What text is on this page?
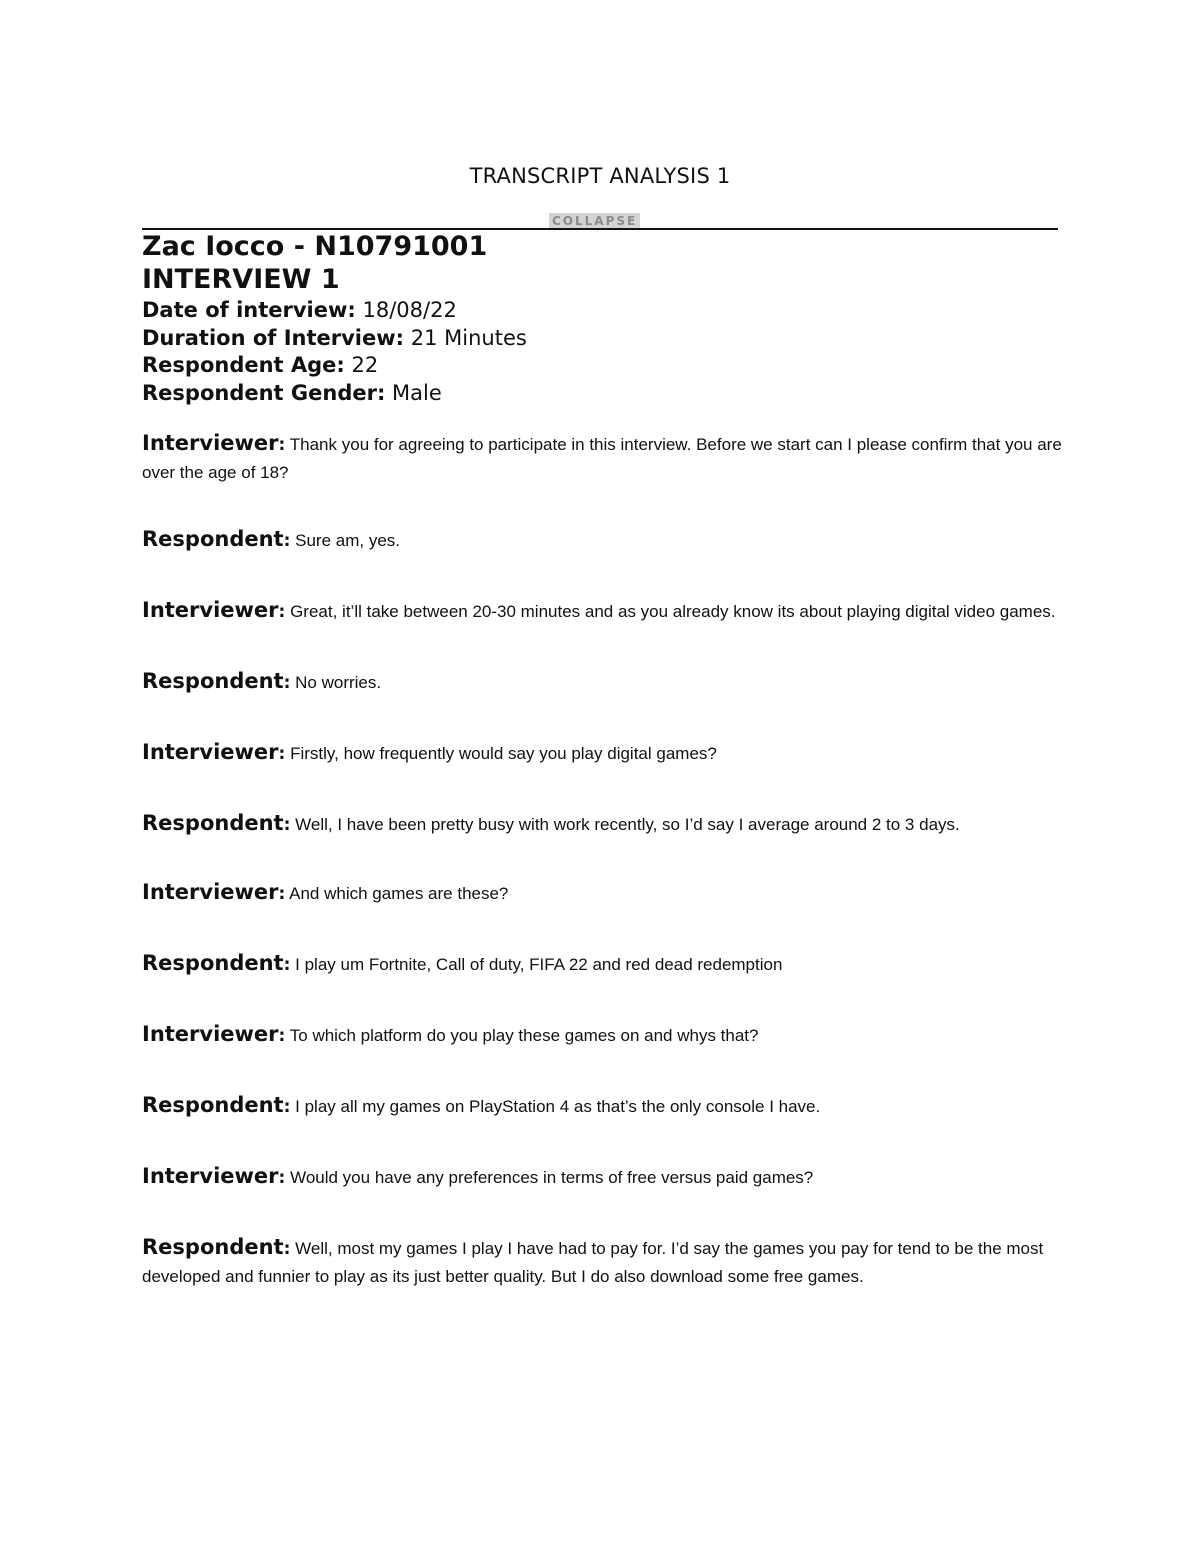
TRANSCRIPT ANALYSIS 1
COLLAPSE

Zac Iocco - N10791001

INTERVIEW 1

Date of interview: 18/08/22

Duration of Interview: 21 Minutes

Respondent Age: 22

Respondent Gender: Male

Interviewer: Thank you for agreeing to participate in this interview. Before we start can I please confirm that you are over the age of 18?

Respondent: Sure am, yes.

Interviewer: Great, it’ll take between 20-30 minutes and as you already know its about playing digital video games.

Respondent: No worries.

Interviewer: Firstly, how frequently would say you play digital games?

Respondent: Well, I have been pretty busy with work recently, so I’d say I average around 2 to 3 days.

Interviewer: And which games are these?

Respondent: I play um Fortnite, Call of duty, FIFA 22 and red dead redemption

Interviewer: To which platform do you play these games on and whys that?

Respondent: I play all my games on PlayStation 4 as that’s the only console I have.

Interviewer: Would you have any preferences in terms of free versus paid games?

Respondent: Well, most my games I play I have had to pay for. I’d say the games you pay for tend to be the most developed and funnier to play as its just better quality. But I do also download some free games.
